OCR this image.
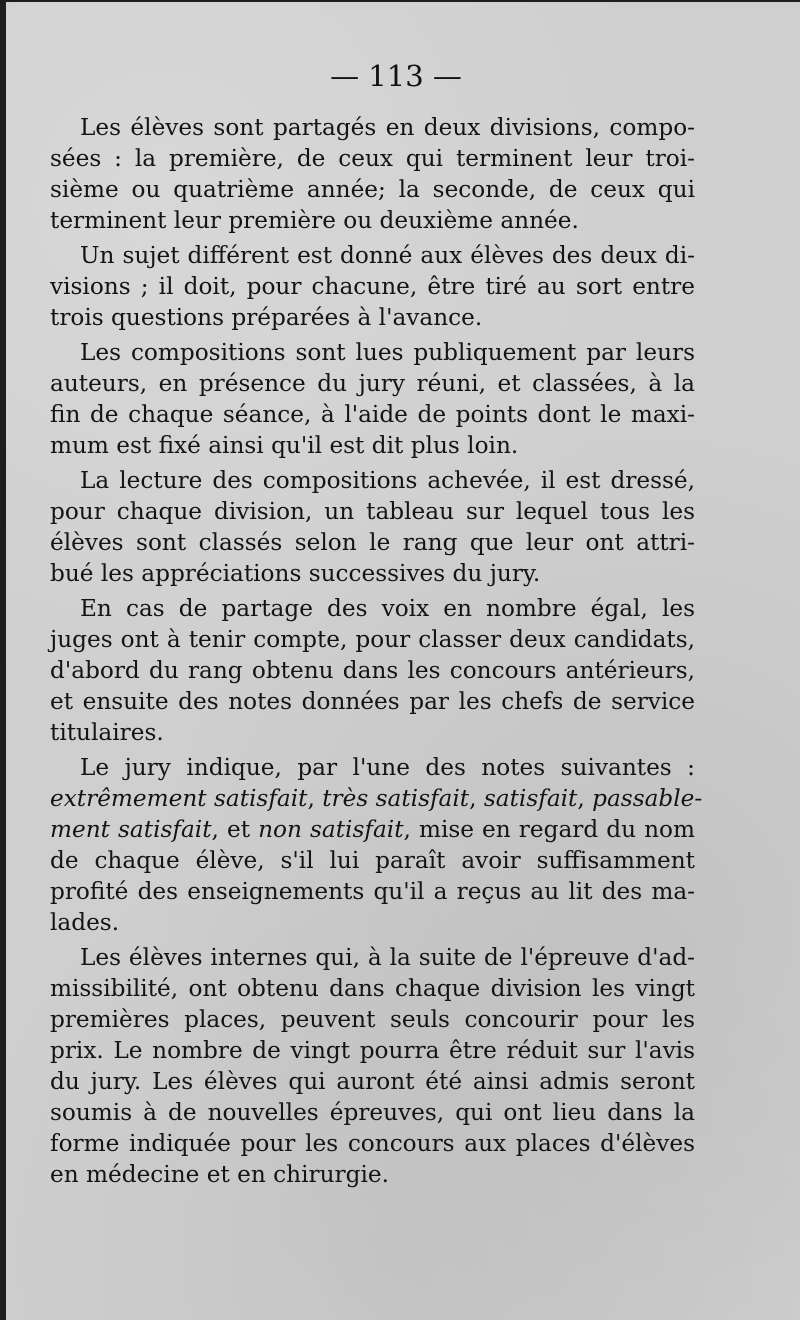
— 113 —
Les élèves sont partagés en deux divisions, compo-
sées : la première, de ceux qui terminent leur troi-
sième ou quatrième année; la seconde, de ceux qui
terminent leur première ou deuxième année.
Un sujet différent est donné aux élèves des deux di-
visions ; il doit, pour chacune, être tiré au sort entre
trois questions préparées à l'avance.
Les compositions sont lues publiquement par leurs
auteurs, en présence du jury réuni, et classées, à la
fin de chaque séance, à l'aide de points dont le maxi-
mum est fixé ainsi qu'il est dit plus loin.
La lecture des compositions achevée, il est dressé,
pour chaque division, un tableau sur lequel tous les
élèves sont classés selon le rang que leur ont attri-
bué les appréciations successives du jury.
En cas de partage des voix en nombre égal, les
juges ont à tenir compte, pour classer deux candidats,
d'abord du rang obtenu dans les concours antérieurs,
et ensuite des notes données par les chefs de service
titulaires.
Le jury indique, par l'une des notes suivantes :
extrêmement satisfait, très satisfait, satisfait, passable-
ment satisfait, et non satisfait, mise en regard du nom
de chaque élève, s'il lui paraît avoir suffisamment
profité des enseignements qu'il a reçus au lit des ma-
lades.
Les élèves internes qui, à la suite de l'épreuve d'ad-
missibilité, ont obtenu dans chaque division les vingt
premières places, peuvent seuls concourir pour les
prix. Le nombre de vingt pourra être réduit sur l'avis
du jury. Les élèves qui auront été ainsi admis seront
soumis à de nouvelles épreuves, qui ont lieu dans la
forme indiquée pour les concours aux places d'élèves
en médecine et en chirurgie.
